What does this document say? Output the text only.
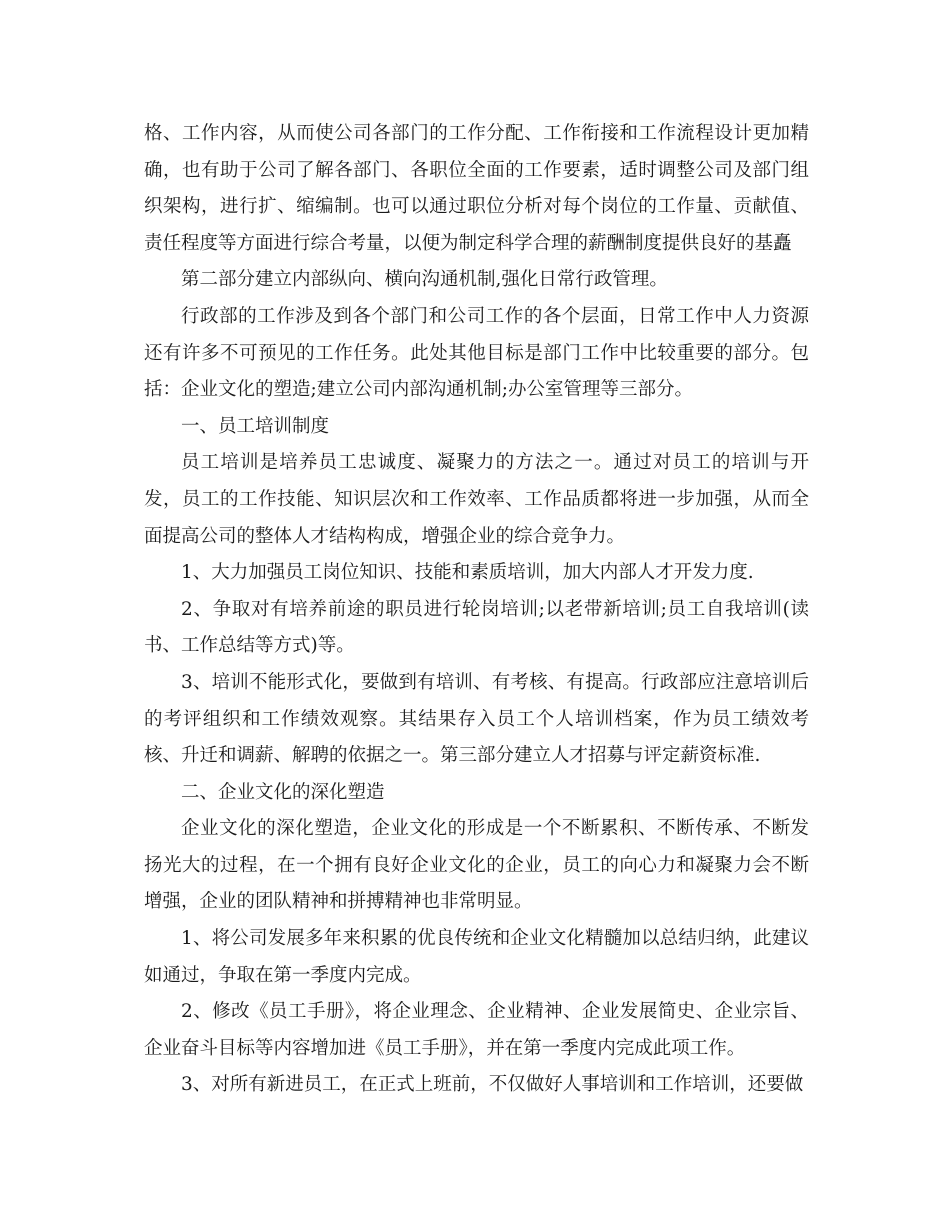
格、工作内容，从而使公司各部门的工作分配、工作衔接和工作流程设计更加精确，也有助于公司了解各部门、各职位全面的工作要素，适时调整公司及部门组织架构，进行扩、缩编制。也可以通过职位分析对每个岗位的工作量、贡献值、责任程度等方面进行综合考量，以便为制定科学合理的薪酬制度提供良好的基矗

第二部分建立内部纵向、横向沟通机制,强化日常行政管理。

行政部的工作涉及到各个部门和公司工作的各个层面，日常工作中人力资源还有许多不可预见的工作任务。此处其他目标是部门工作中比较重要的部分。包括：企业文化的塑造;建立公司内部沟通机制;办公室管理等三部分。

一、员工培训制度

员工培训是培养员工忠诚度、凝聚力的方法之一。通过对员工的培训与开发，员工的工作技能、知识层次和工作效率、工作品质都将进一步加强，从而全面提高公司的整体人才结构构成，增强企业的综合竞争力。

1、大力加强员工岗位知识、技能和素质培训，加大内部人才开发力度.

2、争取对有培养前途的职员进行轮岗培训;以老带新培训;员工自我培训(读书、工作总结等方式)等。

3、培训不能形式化，要做到有培训、有考核、有提高。行政部应注意培训后的考评组织和工作绩效观察。其结果存入员工个人培训档案，作为员工绩效考核、升迁和调薪、解聘的依据之一。第三部分建立人才招募与评定薪资标准.

二、企业文化的深化塑造

企业文化的深化塑造，企业文化的形成是一个不断累积、不断传承、不断发扬光大的过程，在一个拥有良好企业文化的企业，员工的向心力和凝聚力会不断增强，企业的团队精神和拼搏精神也非常明显。

1、将公司发展多年来积累的优良传统和企业文化精髓加以总结归纳，此建议如通过，争取在第一季度内完成。

2、修改《员工手册》，将企业理念、企业精神、企业发展简史、企业宗旨、企业奋斗目标等内容增加进《员工手册》，并在第一季度内完成此项工作。

3、对所有新进员工，在正式上班前，不仅做好人事培训和工作培训，还要做
